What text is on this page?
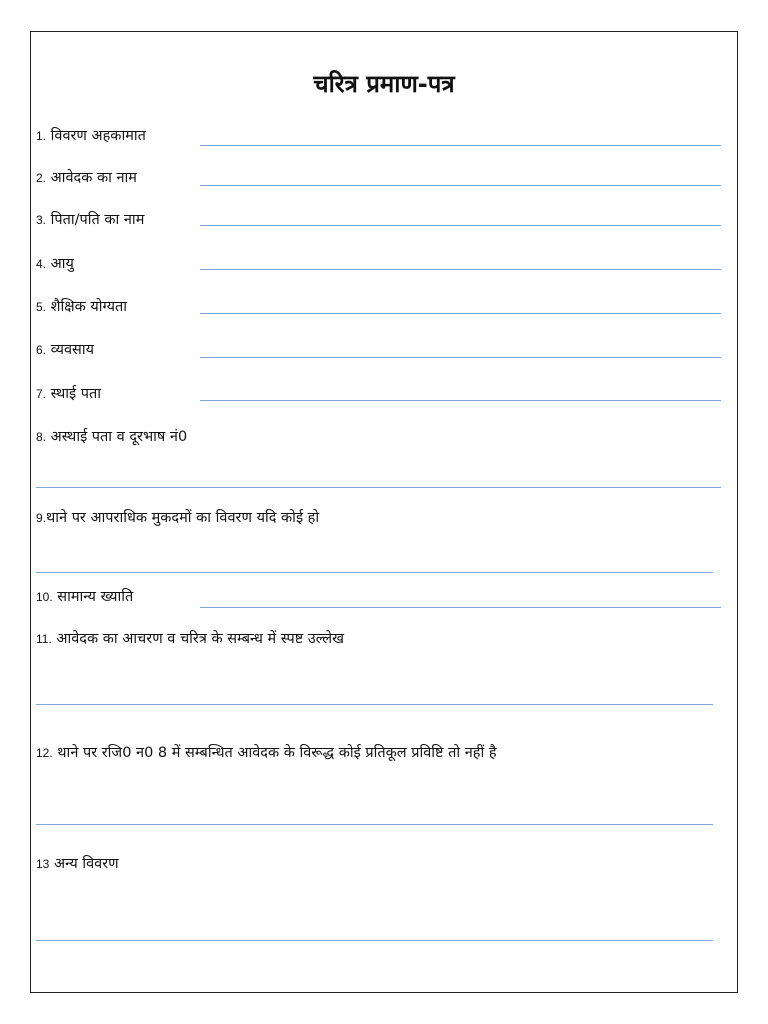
चरित्र प्रमाण-पत्र
1. विवरण अहकामात
2. आवेदक का नाम
3. पिता/पति का नाम
4. आयु
5. शैक्षिक योग्यता
6. व्यवसाय
7. स्थाई पता
8. अस्थाई पता व दूरभाष नं0
9.थाने पर आपराधिक मुकदमों का विवरण यदि कोई हो
10. सामान्य ख्याति
11. आवेदक का आचरण व चरित्र के सम्बन्ध में स्पष्ट उल्लेख
12. थाने पर रजि0 न0 8 में सम्बन्धित आवेदक के विरूद्ध कोई प्रतिकूल प्रविष्टि तो नहीं है
13 अन्य विवरण
